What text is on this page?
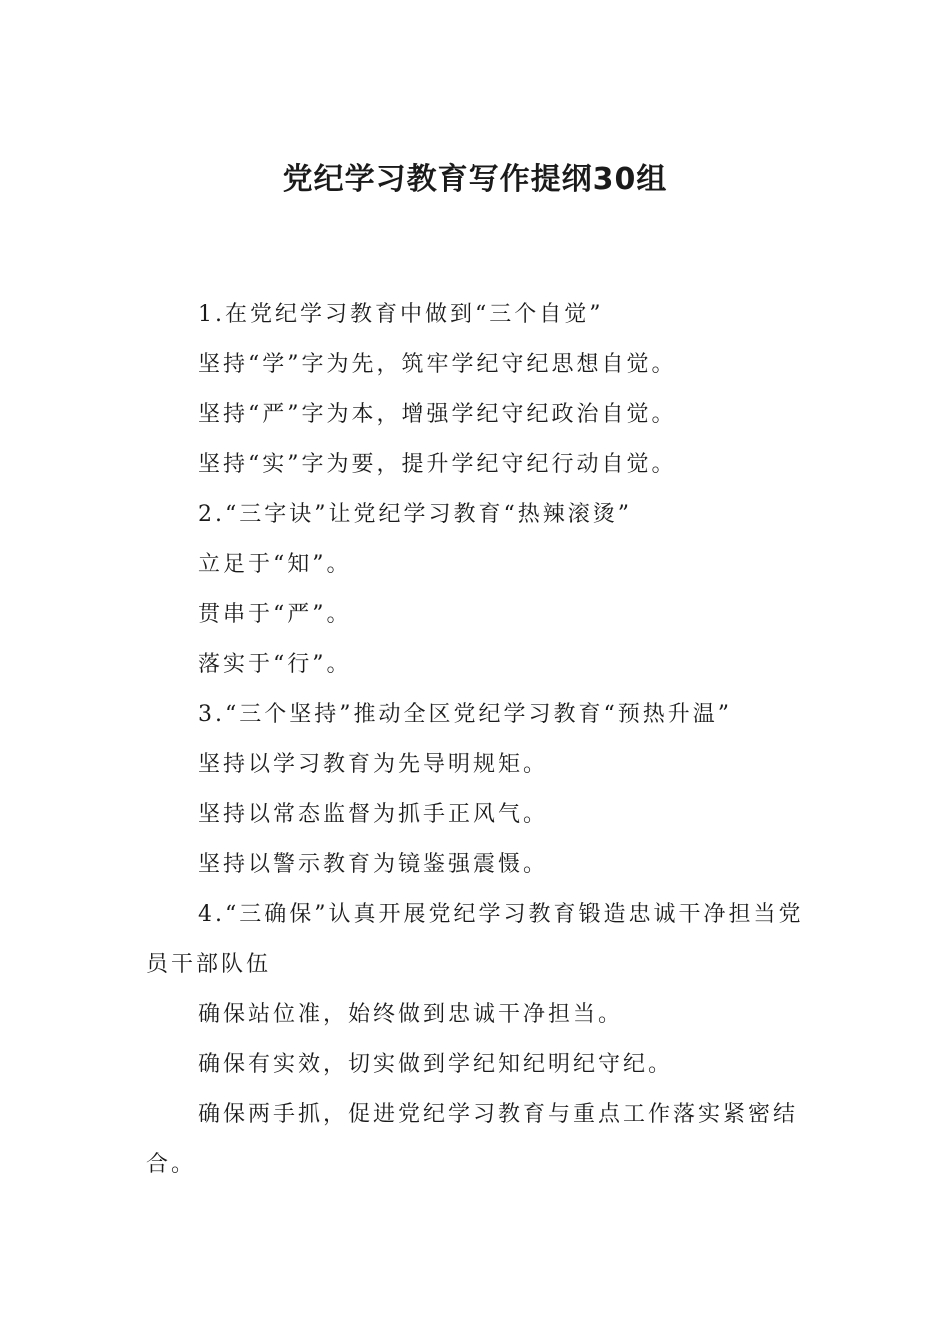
党纪学习教育写作提纲30组

1.在党纪学习教育中做到“三个自觉”

坚持“学”字为先，筑牢学纪守纪思想自觉。

坚持“严”字为本，增强学纪守纪政治自觉。

坚持“实”字为要，提升学纪守纪行动自觉。

2.“三字诀”让党纪学习教育“热辣滚烫”

立足于“知”。

贯串于“严”。

落实于“行”。

3.“三个坚持”推动全区党纪学习教育“预热升温”

坚持以学习教育为先导明规矩。

坚持以常态监督为抓手正风气。

坚持以警示教育为镜鉴强震慑。

4.“三确保”认真开展党纪学习教育锻造忠诚干净担当党员干部队伍

确保站位准，始终做到忠诚干净担当。

确保有实效，切实做到学纪知纪明纪守纪。

确保两手抓，促进党纪学习教育与重点工作落实紧密结合。
